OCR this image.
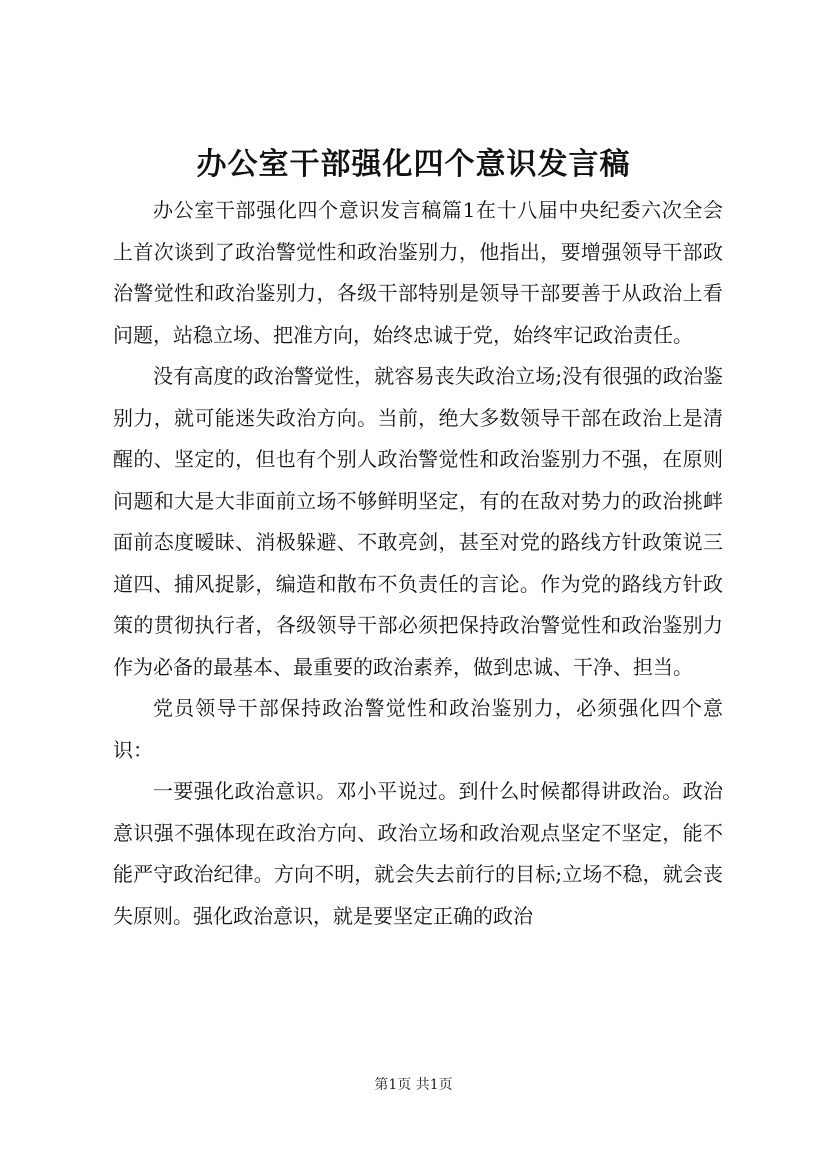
办公室干部强化四个意识发言稿

办公室干部强化四个意识发言稿篇1在十八届中央纪委六次全会上首次谈到了政治警觉性和政治鉴别力，他指出，要增强领导干部政治警觉性和政治鉴别力，各级干部特别是领导干部要善于从政治上看问题，站稳立场、把准方向，始终忠诚于党，始终牢记政治责任。

没有高度的政治警觉性，就容易丧失政治立场;没有很强的政治鉴别力，就可能迷失政治方向。当前，绝大多数领导干部在政治上是清醒的、坚定的，但也有个别人政治警觉性和政治鉴别力不强，在原则问题和大是大非面前立场不够鲜明坚定，有的在敌对势力的政治挑衅面前态度暧昧、消极躲避、不敢亮剑，甚至对党的路线方针政策说三道四、捕风捉影，编造和散布不负责任的言论。作为党的路线方针政策的贯彻执行者，各级领导干部必须把保持政治警觉性和政治鉴别力作为必备的最基本、最重要的政治素养，做到忠诚、干净、担当。

党员领导干部保持政治警觉性和政治鉴别力，必须强化四个意识：

一要强化政治意识。邓小平说过。到什么时候都得讲政治。政治意识强不强体现在政治方向、政治立场和政治观点坚定不坚定，能不能严守政治纪律。方向不明，就会失去前行的目标;立场不稳，就会丧失原则。强化政治意识，就是要坚定正确的政治

第1页 共1页
